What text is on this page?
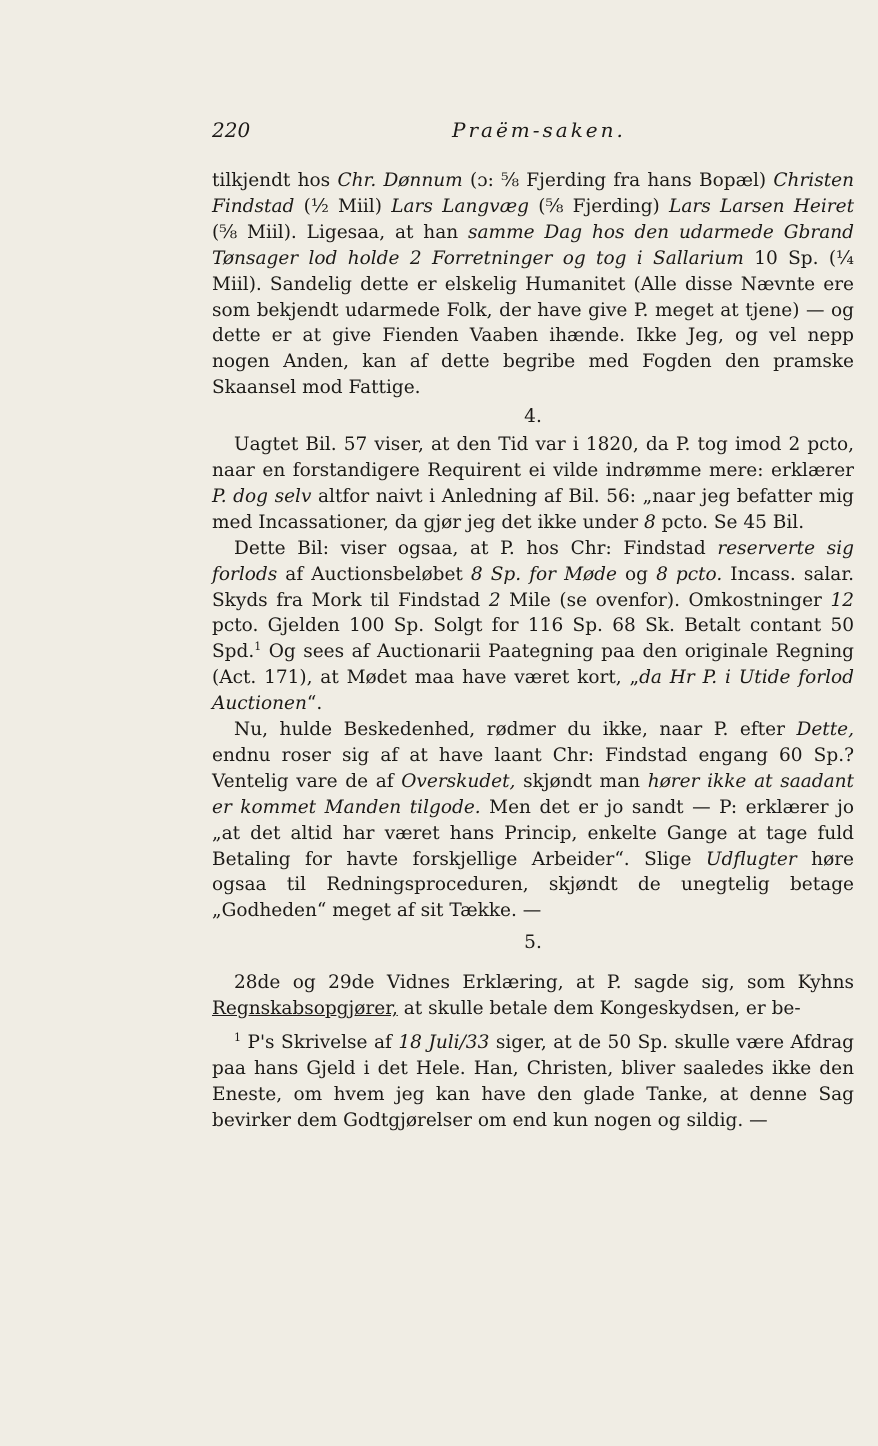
220	Praëm-saken.

tilkjendt hos Chr. Dønnum (ɔ: ⅝ Fjerding fra hans Bopæl) Christen Findstad (½ Miil) Lars Langvæg (⅝ Fjerding) Lars Larsen Heiret (⅝ Miil). Ligesaa, at han samme Dag hos den udarmede Gbrand Tønsager lod holde 2 Forretninger og tog i Sallarium 10 Sp. (¼ Miil). Sandelig dette er elskelig Humanitet (Alle disse Nævnte ere som bekjendt udarmede Folk, der have give P. meget at tjene) — og dette er at give Fienden Vaaben ihænde. Ikke Jeg, og vel nepp nogen Anden, kan af dette begribe med Fogden den pramske Skaansel mod Fattige.

4.

Uagtet Bil. 57 viser, at den Tid var i 1820, da P. tog imod 2 pcto, naar en forstandigere Requirent ei vilde indrømme mere: erklærer P. dog selv altfor naivt i Anledning af Bil. 56: „naar jeg befatter mig med Incassationer, da gjør jeg det ikke under 8 pcto. Se 45 Bil.

Dette Bil: viser ogsaa, at P. hos Chr: Findstad reserverte sig forlods af Auctionsbeløbet 8 Sp. for Møde og 8 pcto. Incass. salar. Skyds fra Mork til Findstad 2 Mile (se ovenfor). Omkostninger 12 pcto. Gjelden 100 Sp. Solgt for 116 Sp. 68 Sk. Betalt contant 50 Spd.$^1$ Og sees af Auctionarii Paategning paa den originale Regning (Act. 171), at Mødet maa have været kort, „da Hr P. i Utide forlod Auctionen“.

Nu, hulde Beskedenhed, rødmer du ikke, naar P. efter Dette, endnu roser sig af at have laant Chr: Findstad engang 60 Sp.? Ventelig vare de af Overskudet, skjøndt man hører ikke at saadant er kommet Manden tilgode. Men det er jo sandt — P: erklærer jo „at det altid har været hans Princip, enkelte Gange at tage fuld Betaling for havte forskjellige Arbeider“. Slige Udflugter høre ogsaa til Redningsproceduren, skjøndt de unegtelig betage „Godheden“ meget af sit Tække. —

5.

28de og 29de Vidnes Erklæring, at P. sagde sig, som Kyhns Regnskabsopgjører, at skulle betale dem Kongeskydsen, er be-

$^1$ P's Skrivelse af 18 Juli/33 siger, at de 50 Sp. skulle være Afdrag paa hans Gjeld i det Hele. Han, Christen, bliver saaledes ikke den Eneste, om hvem jeg kan have den glade Tanke, at denne Sag bevirker dem Godtgjørelser om end kun nogen og sildig. —
